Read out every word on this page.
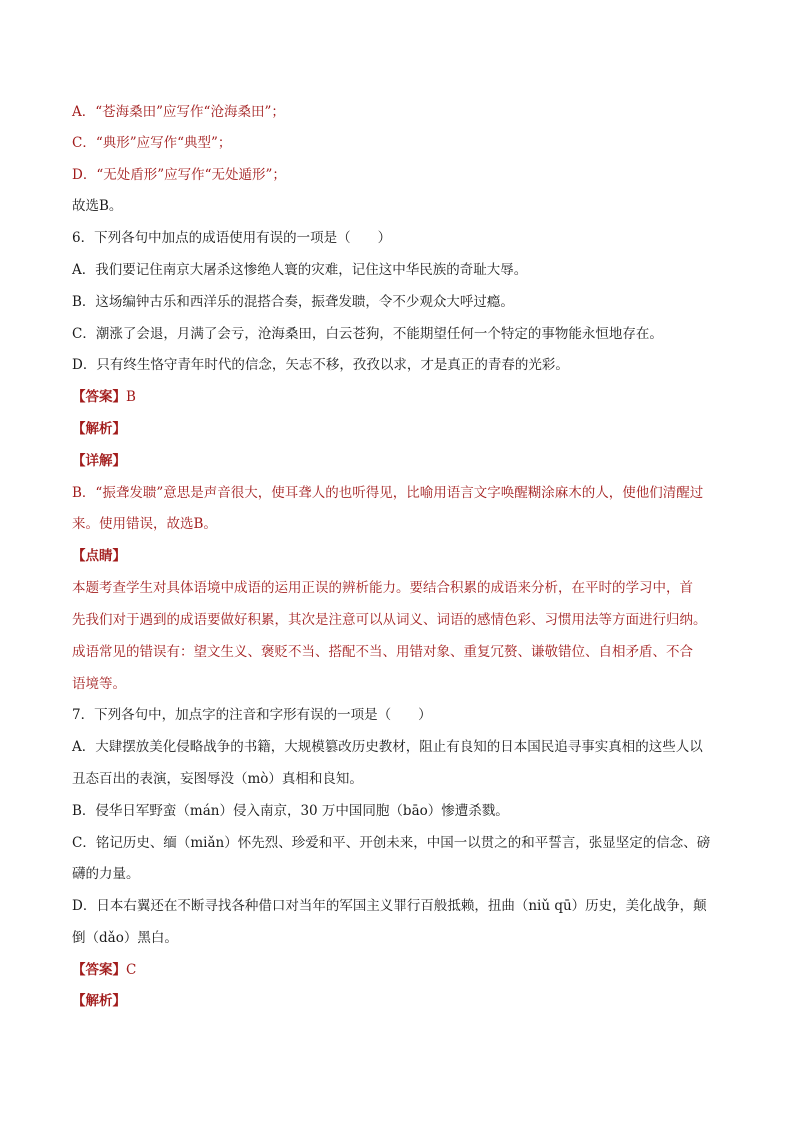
A．“苍海桑田”应写作“沧海桑田”；
C．“典形”应写作“典型”；
D．“无处盾形”应写作“无处遁形”；
故选B。
6．下列各句中加点的成语使用有误的一项是（　　）
A．我们要记住南京大屠杀这惨绝人寰的灾难，记住这中华民族的奇耻大辱。
B．这场编钟古乐和西洋乐的混搭合奏，振聋发聩，令不少观众大呼过瘾。
C．潮涨了会退，月满了会亏，沧海桑田，白云苍狗，不能期望任何一个特定的事物能永恒地存在。
D．只有终生恪守青年时代的信念，矢志不移，孜孜以求，才是真正的青春的光彩。
【答案】B
【解析】
【详解】
B．“振聋发聩”意思是声音很大，使耳聋人的也听得见，比喻用语言文字唤醒糊涂麻木的人，使他们清醒过
来。使用错误，故选B。
【点睛】
本题考查学生对具体语境中成语的运用正误的辨析能力。要结合积累的成语来分析，在平时的学习中，首
先我们对于遇到的成语要做好积累，其次是注意可以从词义、词语的感情色彩、习惯用法等方面进行归纳。
成语常见的错误有：望文生义、褒贬不当、搭配不当、用错对象、重复冗赘、谦敬错位、自相矛盾、不合
语境等。
7．下列各句中，加点字的注音和字形有误的一项是（　　）
A．大肆摆放美化侵略战争的书籍，大规模篡改历史教材，阻止有良知的日本国民追寻事实真相的这些人以
丑态百出的表演，妄图辱没（mò）真相和良知。
B．侵华日军野蛮（mán）侵入南京，30 万中国同胞（bāo）惨遭杀戮。
C．铭记历史、缅（miǎn）怀先烈、珍爱和平、开创未来，中国一以贯之的和平誓言，张显坚定的信念、磅
礴的力量。
D．日本右翼还在不断寻找各种借口对当年的军国主义罪行百般抵赖，扭曲（niǔ qū）历史，美化战争，颠
倒（dǎo）黑白。
【答案】C
【解析】
